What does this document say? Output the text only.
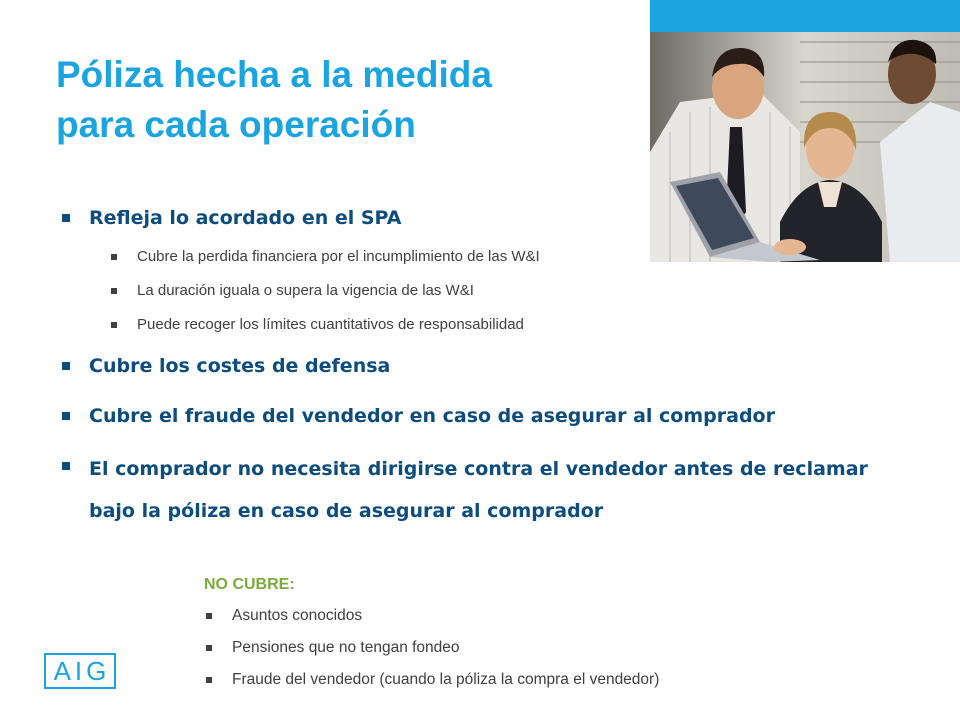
Póliza hecha a la medida
para cada operación
Refleja lo acordado en el SPA
Cubre la perdida financiera por el incumplimiento de las W&I
La duración iguala o supera la vigencia de las W&I
Puede recoger los límites cuantitativos de responsabilidad
Cubre los costes de defensa
Cubre el fraude del vendedor en caso de asegurar al comprador
El comprador no necesita dirigirse contra el vendedor antes de reclamar
bajo la póliza en caso de asegurar al comprador
NO CUBRE:
Asuntos conocidos
Pensiones que no tengan fondeo
Fraude del vendedor (cuando la póliza la compra el vendedor)
AIG
